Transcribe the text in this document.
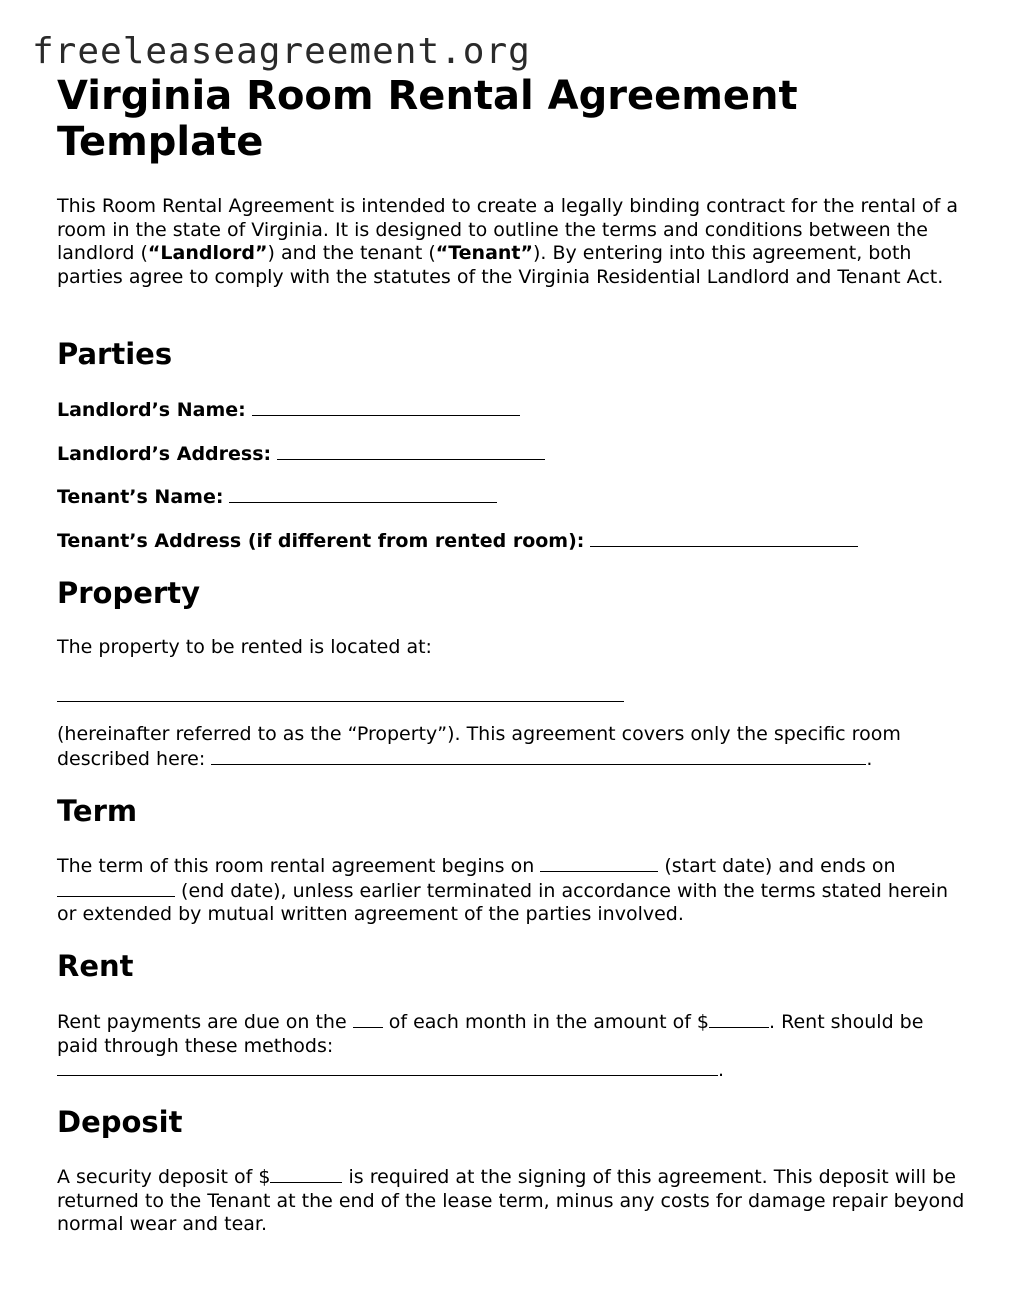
freeleaseagreement.org
Virginia Room Rental Agreement Template

This Room Rental Agreement is intended to create a legally binding contract for the rental of a room in the state of Virginia. It is designed to outline the terms and conditions between the landlord (“Landlord”) and the tenant (“Tenant”). By entering into this agreement, both parties agree to comply with the statutes of the Virginia Residential Landlord and Tenant Act.

Parties

Landlord’s Name:

Landlord’s Address:

Tenant’s Name:

Tenant’s Address (if different from rented room):

Property

The property to be rented is located at:

(hereinafter referred to as the “Property”). This agreement covers only the specific room described here:	.

Term

The term of this room rental agreement begins on	(start date) and ends on  (end date), unless earlier terminated in accordance with the terms stated herein or extended by mutual written agreement of the parties involved.

Rent

Rent payments are due on the of each month in the amount of $	. Rent should be paid through these methods: .

Deposit

A security deposit of $	is required at the signing of this agreement. This deposit will be returned to the Tenant at the end of the lease term, minus any costs for damage repair beyond normal wear and tear.
